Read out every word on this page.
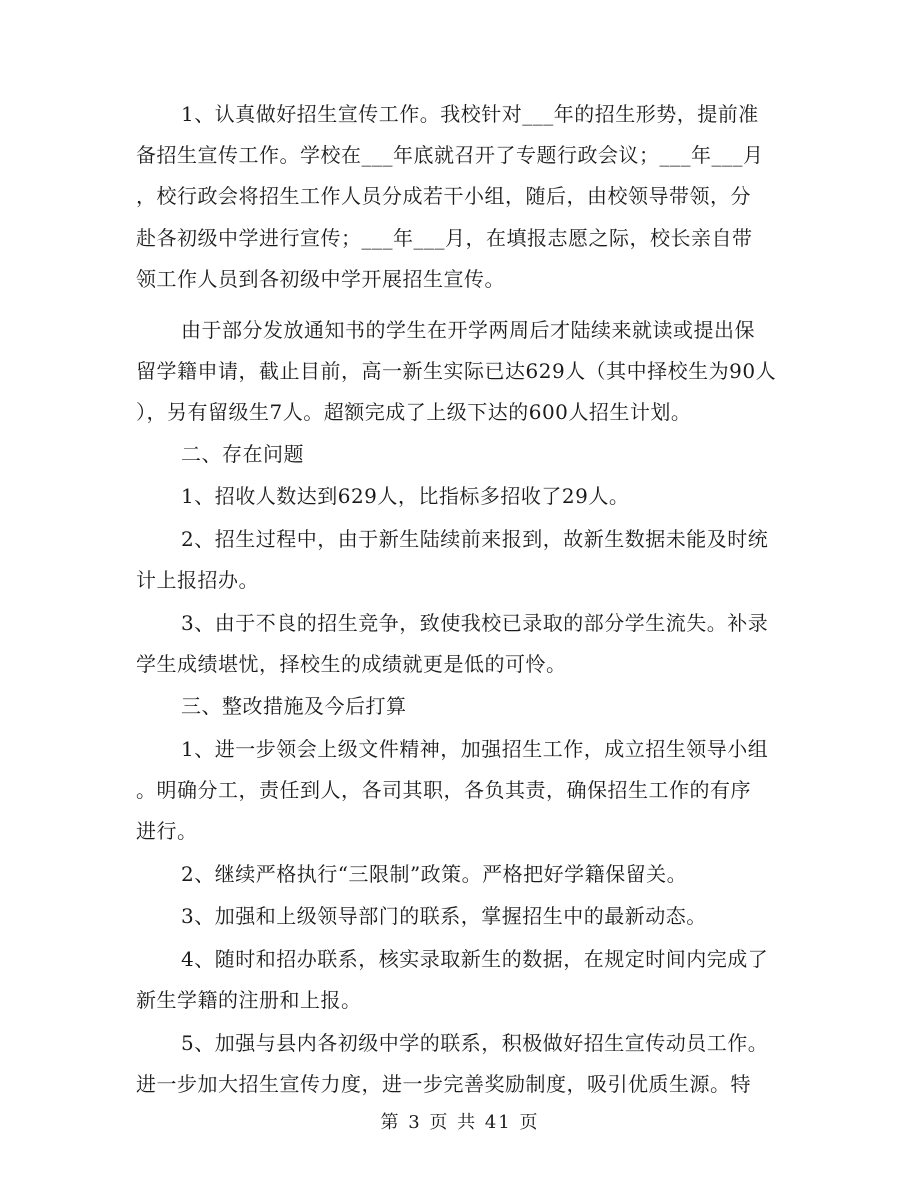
1、认真做好招生宣传工作。我校针对___年的招生形势，提前准
备招生宣传工作。学校在___年底就召开了专题行政会议；___年___月
，校行政会将招生工作人员分成若干小组，随后，由校领导带领，分
赴各初级中学进行宣传；___年___月，在填报志愿之际，校长亲自带
领工作人员到各初级中学开展招生宣传。
由于部分发放通知书的学生在开学两周后才陆续来就读或提出保
留学籍申请，截止目前，高一新生实际已达629人（其中择校生为90人
），另有留级生7人。超额完成了上级下达的600人招生计划。
二、存在问题
1、招收人数达到629人，比指标多招收了29人。
2、招生过程中，由于新生陆续前来报到，故新生数据未能及时统
计上报招办。
3、由于不良的招生竞争，致使我校已录取的部分学生流失。补录
学生成绩堪忧，择校生的成绩就更是低的可怜。
三、整改措施及今后打算
1、进一步领会上级文件精神，加强招生工作，成立招生领导小组
。明确分工，责任到人，各司其职，各负其责，确保招生工作的有序
进行。
2、继续严格执行“三限制”政策。严格把好学籍保留关。
3、加强和上级领导部门的联系，掌握招生中的最新动态。
4、随时和招办联系，核实录取新生的数据，在规定时间内完成了
新生学籍的注册和上报。
5、加强与县内各初级中学的联系，积极做好招生宣传动员工作。
进一步加大招生宣传力度，进一步完善奖励制度，吸引优质生源。特
第 3 页 共 41 页
